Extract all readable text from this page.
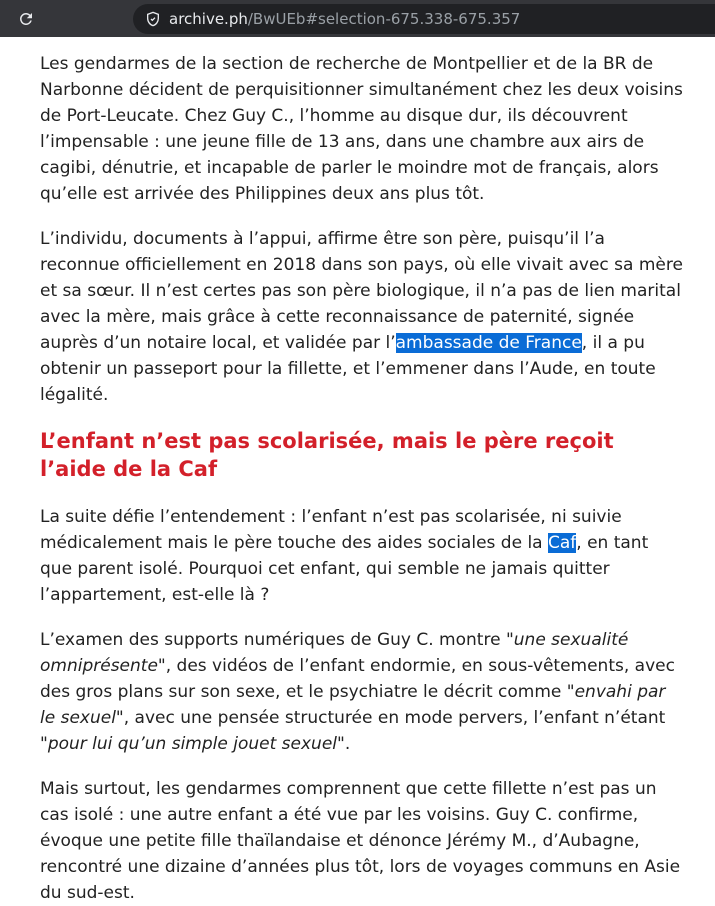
archive.ph /BwUEb#selection-675.338-675.357

Les gendarmes de la section de recherche de Montpellier et de la BR de Narbonne décident de perquisitionner simultanément chez les deux voisins de Port-Leucate. Chez Guy C., l’homme au disque dur, ils découvrent l’impensable : une jeune fille de 13 ans, dans une chambre aux airs de cagibi, dénutrie, et incapable de parler le moindre mot de français, alors qu’elle est arrivée des Philippines deux ans plus tôt.

L’individu, documents à l’appui, affirme être son père, puisqu’il l’a reconnue officiellement en 2018 dans son pays, où elle vivait avec sa mère et sa sœur. Il n’est certes pas son père biologique, il n’a pas de lien marital avec la mère, mais grâce à cette reconnaissance de paternité, signée auprès d’un notaire local, et validée par l’ambassade de France, il a pu obtenir un passeport pour la fillette, et l’emmener dans l’Aude, en toute légalité.

L’enfant n’est pas scolarisée, mais le père reçoit l’aide de la Caf

La suite défie l’entendement : l’enfant n’est pas scolarisée, ni suivie médicalement mais le père touche des aides sociales de la Caf, en tant que parent isolé. Pourquoi cet enfant, qui semble ne jamais quitter l’appartement, est-elle là ?

L’examen des supports numériques de Guy C. montre "une sexualité omniprésente", des vidéos de l’enfant endormie, en sous-vêtements, avec des gros plans sur son sexe, et le psychiatre le décrit comme "envahi par le sexuel", avec une pensée structurée en mode pervers, l’enfant n’étant "pour lui qu’un simple jouet sexuel".

Mais surtout, les gendarmes comprennent que cette fillette n’est pas un cas isolé : une autre enfant a été vue par les voisins. Guy C. confirme, évoque une petite fille thaïlandaise et dénonce Jérémy M., d’Aubagne, rencontré une dizaine d’années plus tôt, lors de voyages communs en Asie du sud-est.
